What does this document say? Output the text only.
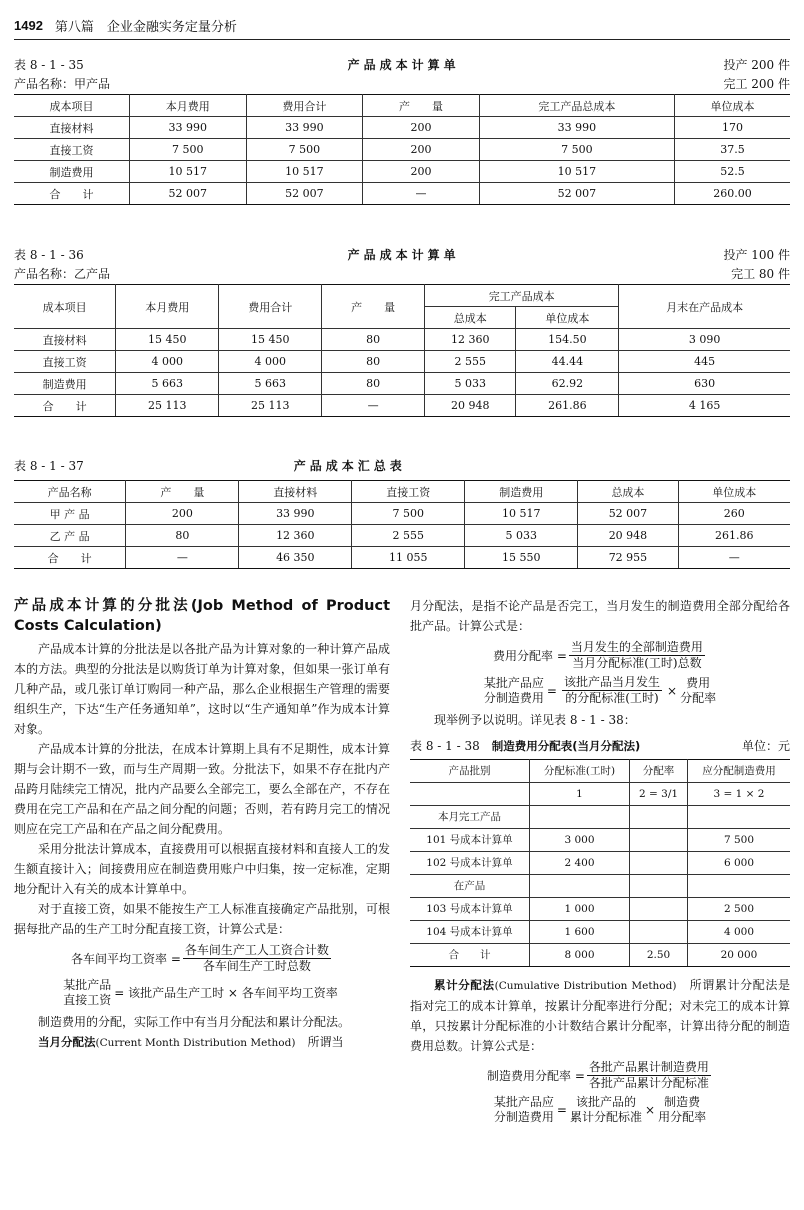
1492 第八篇　企业金融实务定量分析
表 8 - 1 - 35	产品成本计算单	投产 200 件
产品名称：甲产品	完工 200 件
成本项目	本月费用	费用合计	产　　量	完工产品总成本	单位成本
直接材料	33 990	33 990	200	33 990	170
直接工资	7 500	7 500	200	7 500	37.5
制造费用	10 517	10 517	200	10 517	52.5
合　　计	52 007	52 007	—	52 007	260.00
表 8 - 1 - 36	产品成本计算单	投产 100 件
产品名称：乙产品	完工 80 件
成本项目	本月费用	费用合计	产　　量	完工产品成本		月末在产品成本
				总成本	单位成本	
直接材料	15 450	15 450	80	12 360	154.50	3 090
直接工资	4 000	4 000	80	2 555	44.44	445
制造费用	5 663	5 663	80	5 033	62.92	630
合　　计	25 113	25 113	—	20 948	261.86	4 165
表 8 - 1 - 37	产品成本汇总表
产品名称	产　　量	直接材料	直接工资	制造费用	总成本	单位成本
甲 产 品	200	33 990	7 500	10 517	52 007	260
乙 产 品	80	12 360	2 555	5 033	20 948	261.86
合　　计	—	46 350	11 055	15 550	72 955	—
产品成本计算的分批法(Job Method of Product Costs Calculation)

产品成本计算的分批法是以各批产品为计算对象的一种计算产品成本的方法。典型的分批法是以购货订单为计算对象，但如果一张订单有几种产品，或几张订单订购同一种产品，那么企业根据生产管理的需要组织生产，下达“生产任务通知单”，这时以“生产通知单”作为成本计算对象。

产品成本计算的分批法，在成本计算期上具有不足期性，成本计算期与会计期不一致，而与生产周期一致。分批法下，如果不存在批内产品跨月陆续完工情况，批内产品要么全部完工，要么全部在产，不存在费用在完工产品和在产品之间分配的问题；否则，若有跨月完工的情况则应在完工产品和在产品之间分配费用。

采用分批法计算成本，直接费用可以根据直接材料和直接人工的发生额直接计入；间接费用应在制造费用账户中归集，按一定标准，定期地分配计入有关的成本计算单中。

对于直接工资，如果不能按生产工人标准直接确定产品批别，可根据每批产品的生产工时分配直接工资，计算公式是：

各车间平均工资率 = $\frac{\text{各车间生产工人工资合计数}}{\text{各车间生产工时总数}}$
某批产品
直接工资 = 该批产品生产工时 × 各车间平均工资率

制造费用的分配，实际工作中有当月分配法和累计分配法。

当月分配法(Current Month Distribution Method)　所谓当

月分配法，是指不论产品是否完工，当月发生的制造费用全部分配给各批产品。计算公式是：

费用分配率 = $\frac{\text{当月发生的全部制造费用}}{\text{当月分配标准(工时)总数}}$
某批产品应
分制造费用 = $\frac{\text{该批产品当月发生}}{\text{的分配标准(工时)}}$ ×
费用
分配率

现举例予以说明。详见表 8 - 1 - 38：

表 8 - 1 - 38　 制造费用分配表(当月分配法)	单位：元
产品批别	分配标准(工时)	分配率	应分配制造费用
	1	2 = 3/1	3 = 1 × 2
本月完工产品			
101 号成本计算单	3 000		7 500
102 号成本计算单	2 400		6 000
在产品			
103 号成本计算单	1 000		2 500
104 号成本计算单	1 600		4 000
合　　计	8 000	2.50	20 000

累计分配法(Cumulative Distribution Method)　所谓累计分配法是指对完工的成本计算单，按累计分配率进行分配；对未完工的成本计算单，只按累计分配标准的小计数结合累计分配率，计算出待分配的制造费用总数。计算公式是：

制造费用分配率 = $\frac{\text{各批产品累计制造费用}}{\text{各批产品累计分配标准}}$
某批产品应
分制造费用 =
该批产品的
累计分配标准 ×
制造费
用分配率
